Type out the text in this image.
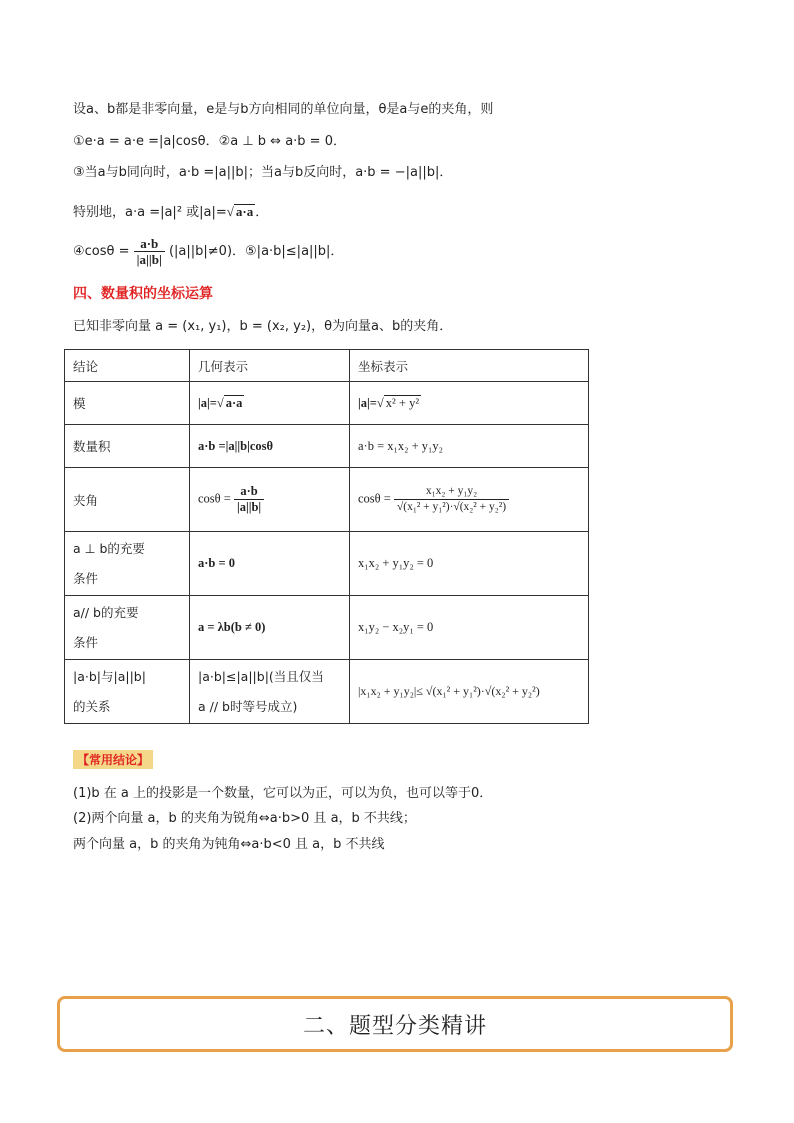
设a、b都是非零向量，e是与b方向相同的单位向量，θ是a与e的夹角，则
①e·a = a·e =|a|cosθ．②a ⊥ b ⇔ a·b = 0．
③当a与b同向时，a·b =|a||b|；当a与b反向时，a·b = −|a||b|．
特别地，a·a =|a|² 或|a|=√ a·a ．
④cosθ = $\frac{a\cdot b}{|a||b|} (|a||b|\ne 0)$．⑤|a·b|≤|a||b|．
四、数量积的坐标运算
已知非零向量 a = (x₁, y₁)，b = (x₂, y₂)，θ为向量a、b的夹角．
结论	几何表示	坐标表示
模	|a|=√ a·a	|a|=√ x² + y²
数量积	a·b =|a||b|cosθ	a·b = x₁x₂ + y₁y₂
夹角	$\cos\theta = \frac{a\cdot b}{|a||b|}$	$\cos\theta = \frac{\text{x₁x₂ + y₁y₂}}{\text{√(x₁² + y₁²)·√(x₂² + y₂²)}}$

a ⊥ b的充要
条件	a·b = 0	x₁x₂ + y₁y₂ = 0
a// b的充要
条件	a = λb(b ≠ 0)	x₁y₂ − x₂y₁ = 0
|a·b|与|a||b|
的关系	|a·b|≤|a||b|(当且仅当
a // b时等号成立)	|x₁x₂ + y₁y₂|≤ √(x₁² + y₁²)·√(x₂² + y₂²)
【常用结论】
(1)b 在 a 上的投影是一个数量，它可以为正，可以为负，也可以等于0．
(2)两个向量 a，b 的夹角为锐角⇔a·b>0 且 a，b 不共线；
两个向量 a，b 的夹角为钝角⇔a·b<0 且 a，b 不共线
二、题型分类精讲
